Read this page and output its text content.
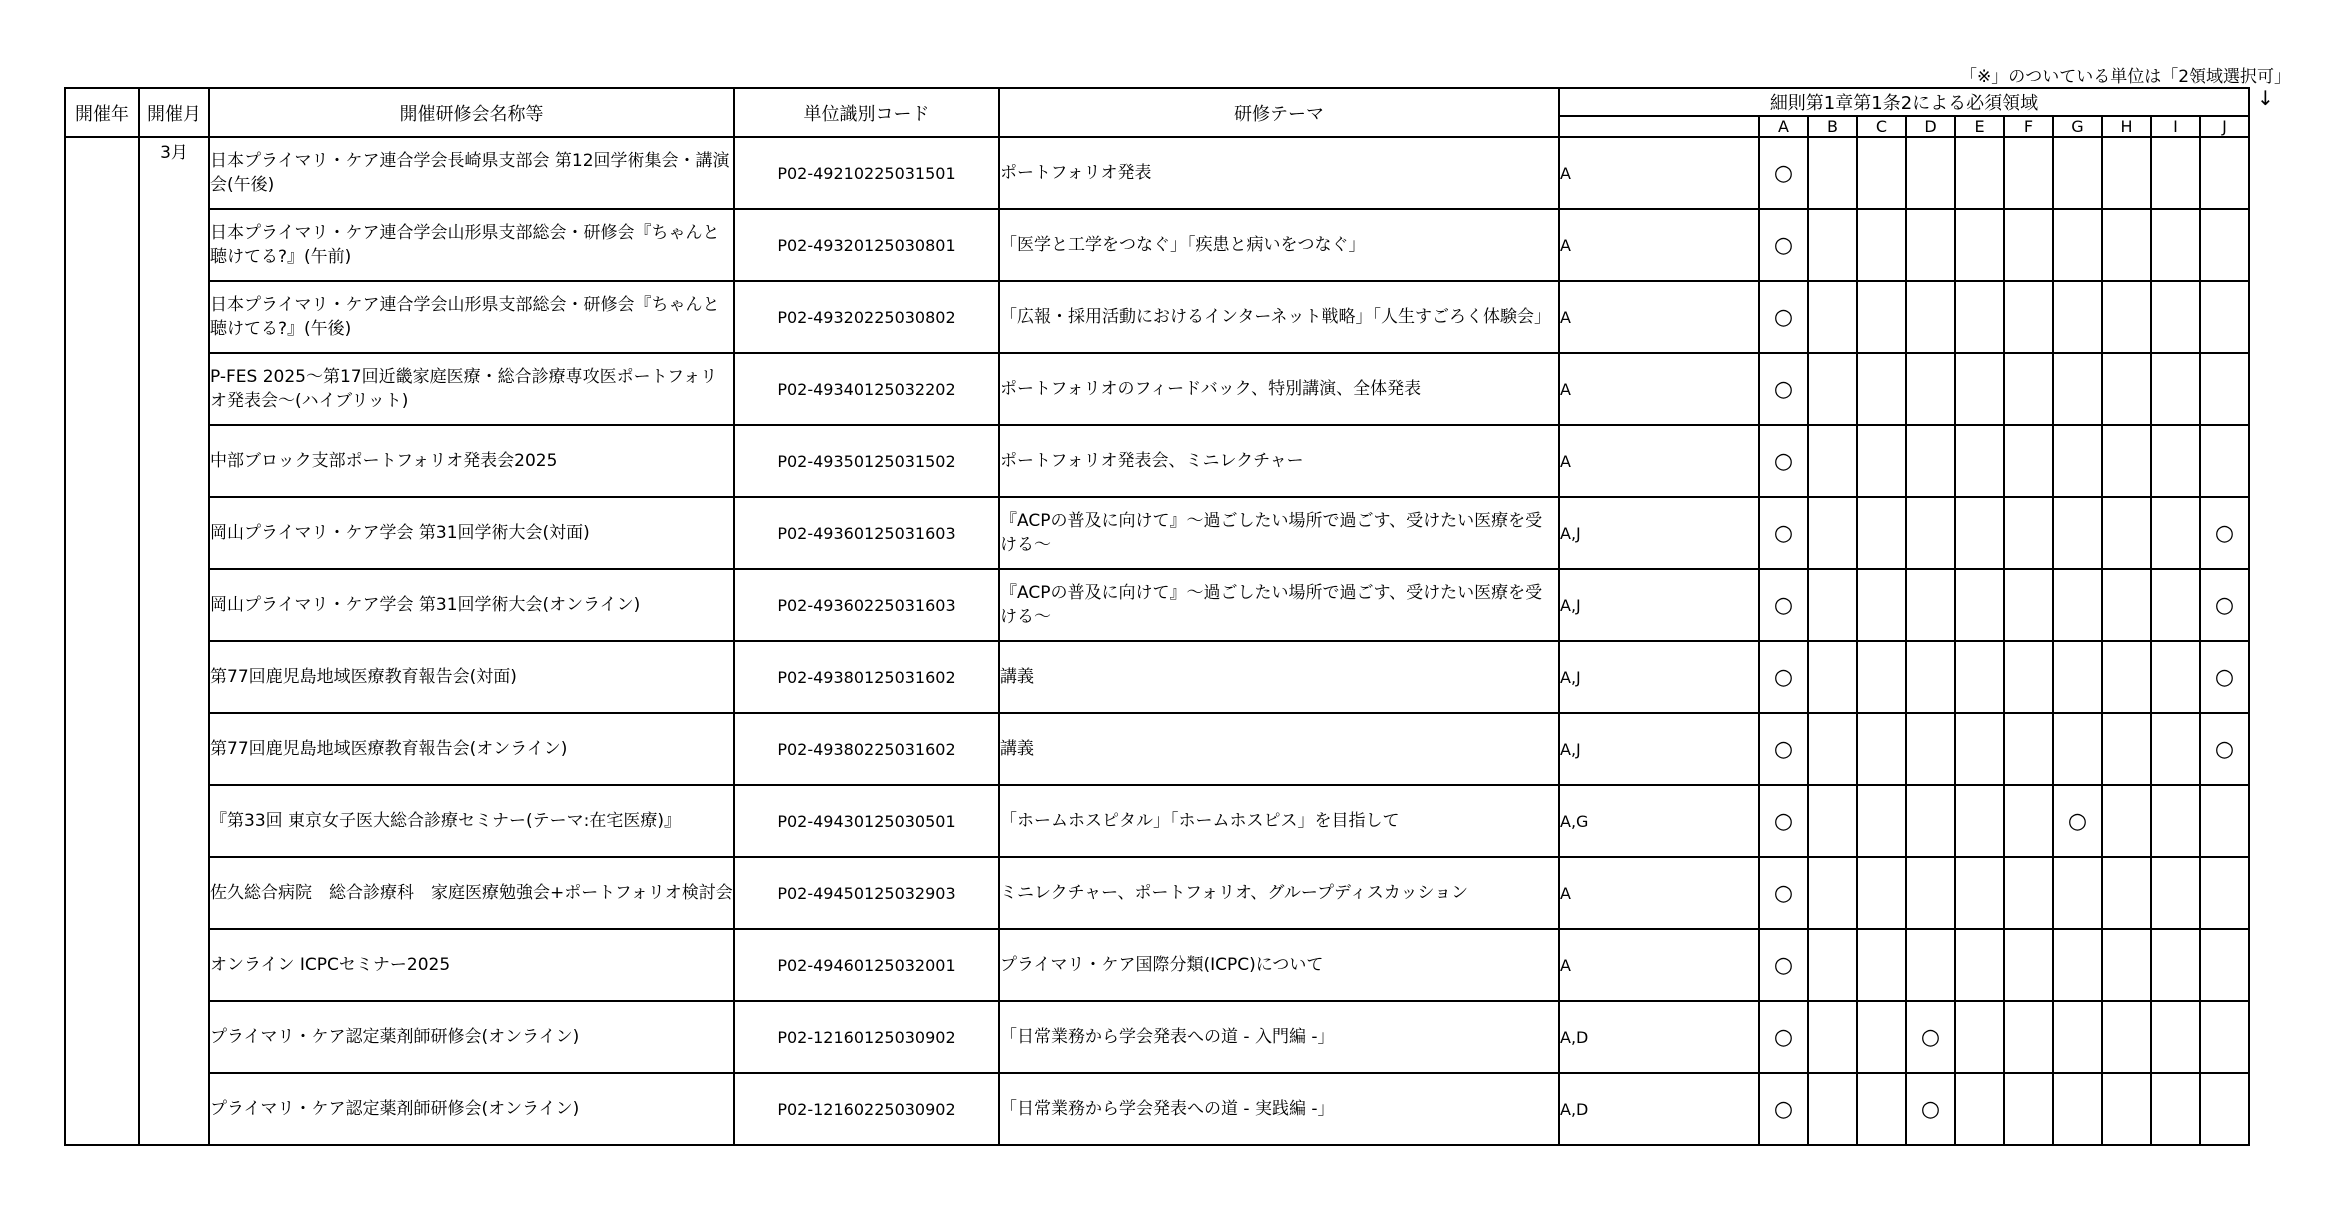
「※」のついている単位は「2領域選択可」
↓
開催年	開催月	開催研修会名称等	単位識別コード	研修テーマ	細則第1章第1条2による必須領域										
						A	B	C	D	E	F	G	H	I	J
	3月	日本プライマリ・ケア連合学会長崎県支部会 第12回学術集会・講演会(午後)	P02-49210225031501	ポートフォリオ発表	A	○									
		日本プライマリ・ケア連合学会山形県支部総会・研修会『ちゃんと聴けてる?』(午前)	P02-49320125030801	「医学と工学をつなぐ」「疾患と病いをつなぐ」	A	○									
		日本プライマリ・ケア連合学会山形県支部総会・研修会『ちゃんと聴けてる?』(午後)	P02-49320225030802	「広報・採用活動におけるインターネット戦略」「人生すごろく体験会」	A	○									
		P-FES 2025～第17回近畿家庭医療・総合診療専攻医ポートフォリオ発表会～(ハイブリット)	P02-49340125032202	ポートフォリオのフィードバック、特別講演、全体発表	A	○									
		中部ブロック支部ポートフォリオ発表会2025	P02-49350125031502	ポートフォリオ発表会、ミニレクチャー	A	○									
		岡山プライマリ・ケア学会 第31回学術大会(対面)	P02-49360125031603	『ACPの普及に向けて』～過ごしたい場所で過ごす、受けたい医療を受ける～	A,J	○									○
		岡山プライマリ・ケア学会 第31回学術大会(オンライン)	P02-49360225031603	『ACPの普及に向けて』～過ごしたい場所で過ごす、受けたい医療を受ける～	A,J	○									○
		第77回鹿児島地域医療教育報告会(対面)	P02-49380125031602	講義	A,J	○									○
		第77回鹿児島地域医療教育報告会(オンライン)	P02-49380225031602	講義	A,J	○									○
		『第33回 東京女子医大総合診療セミナー(テーマ:在宅医療)』	P02-49430125030501	「ホームホスピタル」「ホームホスピス」を目指して	A,G	○						○			
		佐久総合病院　総合診療科　家庭医療勉強会+ポートフォリオ検討会	P02-49450125032903	ミニレクチャー、ポートフォリオ、グループディスカッション	A	○									
		オンライン ICPCセミナー2025	P02-49460125032001	プライマリ・ケア国際分類(ICPC)について	A	○									
		プライマリ・ケア認定薬剤師研修会(オンライン)	P02-12160125030902	「日常業務から学会発表への道 - 入門編 -」	A,D	○			○						
		プライマリ・ケア認定薬剤師研修会(オンライン)	P02-12160225030902	「日常業務から学会発表への道 - 実践編 -」	A,D	○			○						
